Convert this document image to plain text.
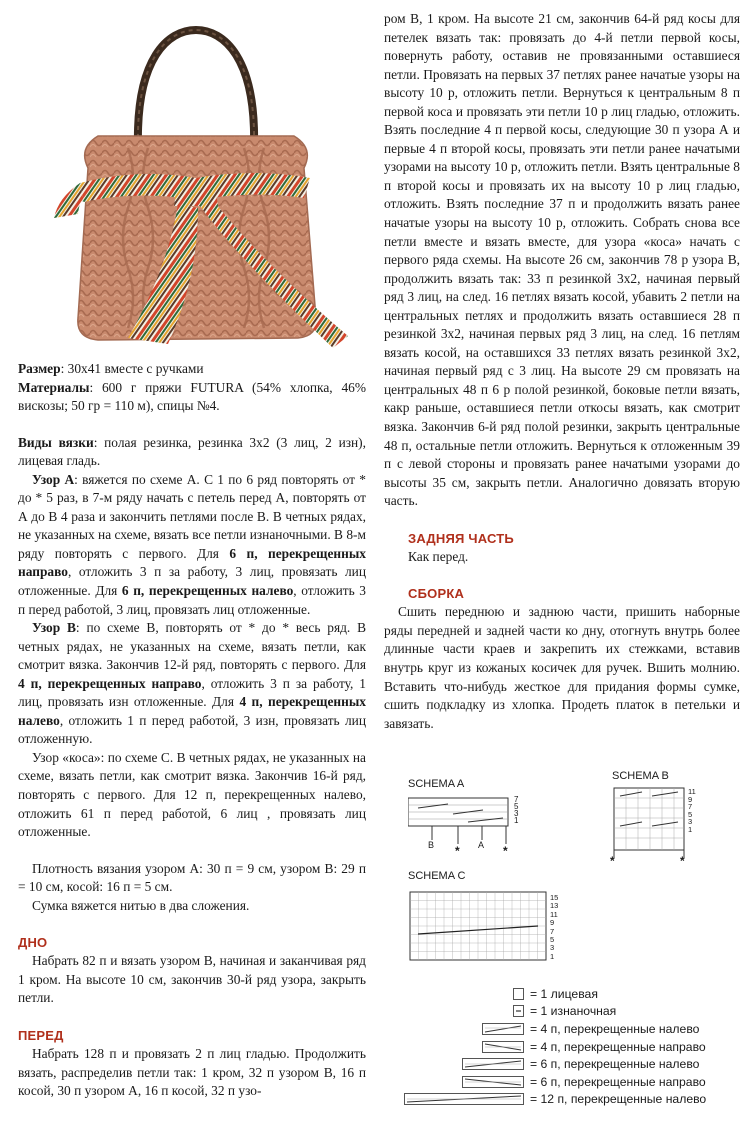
Размер: 30х41 вместе с ручками

Материалы: 600 г пряжи FUTURA (54% хлопка, 46% вискозы; 50 гр = 110 м), спицы №4.

Виды вязки: полая резинка, резинка 3х2 (3 лиц, 2 изн), лицевая гладь.

Узор А: вяжется по схеме А. С 1 по 6 ряд повторять от * до * 5 раз, в 7-м ряду начать с петель перед А, повторять от А до В 4 раза и закончить петлями после В. В четных рядах, не указанных на схеме, вязать все петли изнаночными. В 8-м ряду повторять с первого. Для 6 п, перекрещенных направо, отложить 3 п за работу, 3 лиц, провязать лиц отложенные. Для 6 п, перекрещенных налево, отложить 3 п перед работой, 3 лиц, провязать лиц отложенные.

Узор В: по схеме В, повторять от * до * весь ряд. В четных рядах, не указанных на схеме, вязать петли, как смотрит вязка. Закончив 12-й ряд, повторять с первого. Для 4 п, перекрещенных направо, отложить 3 п за работу, 1 лиц, провязать изн отложенные. Для 4 п, перекрещенных налево, отложить 1 п перед работой, 3 изн, провязать лиц отложенную.

Узор «коса»: по схеме С. В четных рядах, не указанных на схеме, вязать петли, как смотрит вязка. Закончив 16-й ряд, повторять с первого. Для 12 п, перекрещенных налево, отложить 61 п перед работой, 6 лиц , провязать лиц отложенные.

Плотность вязания узором А: 30 п = 9 см, узором В: 29 п = 10 см, косой: 16 п = 5 см.

Сумка вяжется нитью в два сложения.

ДНО

Набрать 82 п и вязать узором В, начиная и заканчивая ряд 1 кром. На высоте 10 см, закончив 30-й ряд узора, закрыть петли.

ПЕРЕД

Набрать 128 п и провязать 2 п лиц гладью. Продолжить вязать, распределив петли так: 1 кром, 32 п узором В, 16 п косой, 30 п узором А, 16 п косой, 32 п узо-

ром В, 1 кром. На высоте 21 см, закончив 64-й ряд косы для петелек вязать так: провязать до 4-й петли первой косы, повернуть работу, оставив не провязанными оставшиеся петли. Провязать на первых 37 петлях ранее начатые узоры на высоту 10 р, отложить петли. Вернуться к центральным 8 п первой коса и провязать эти петли 10 р лиц гладью, отложить. Взять последние 4 п первой косы, следующие 30 п узора А и первые 4 п второй косы, провязать эти петли ранее начатыми узорами на высоту 10 р, отложить петли. Взять центральные 8 п второй косы и провязать их на высоту 10 р лиц гладью, отложить. Взять последние 37 п и продолжить вязать ранее начатые узоры на высоту 10 р, отложить. Собрать снова все петли вместе и вязать вместе, для узора «коса» начать с первого ряда схемы. На высоте 26 см, закончив 78 р узора В, продолжить вязать так: 33 п резинкой 3х2, начиная первый ряд 3 лиц, на след. 16 петлях вязать косой, убавить 2 петли на центральных петлях и продолжить вязать оставшиеся 28 п резинкой 3х2, начиная первых ряд 3 лиц, на след. 16 петлям вязать косой, на оставшихся 33 петлях вязать резинкой 3х2, начиная первый ряд с 3 лиц. На высоте 29 см провязать на центральных 48 п 6 р полой резинкой, боковые петли вязать, какр раньше, оставшиеся петли откосы вязать, как смотрит вязка. Закончив 6-й ряд полой резинки, закрыть центральные 48 п, остальные петли отложить. Вернуться к отложенным 39 п с левой стороны и провязать ранее начатыми узорами до высоты 35 см, закрыть петли. Аналогично довязать вторую часть.

ЗАДНЯЯ ЧАСТЬ

Как перед.

СБОРКА

Сшить переднюю и заднюю части, пришить наборные ряды передней и задней части ко дну, отогнуть внутрь более длинные части краев и закрепить их стежками, вставив внутрь круг из кожаных косичек для ручек. Вшить молнию. Вставить что-нибудь жесткое для придания формы сумке, сшить подкладку из хлопка. Продеть платок в петельки и завязать.

SCHEMA A
7
5
3
1
B * A *
SCHEMA B
11
9
7
5
3
1
*	*
SCHEMA C
15
13
11
9
7
5
3
1
= 1 лицевая
= 1 изнаночная
= 4 п, перекрещенные налево
= 4 п, перекрещенные направо
= 6 п, перекрещенные налево
= 6 п, перекрещенные направо
= 12 п, перекрещенные налево
